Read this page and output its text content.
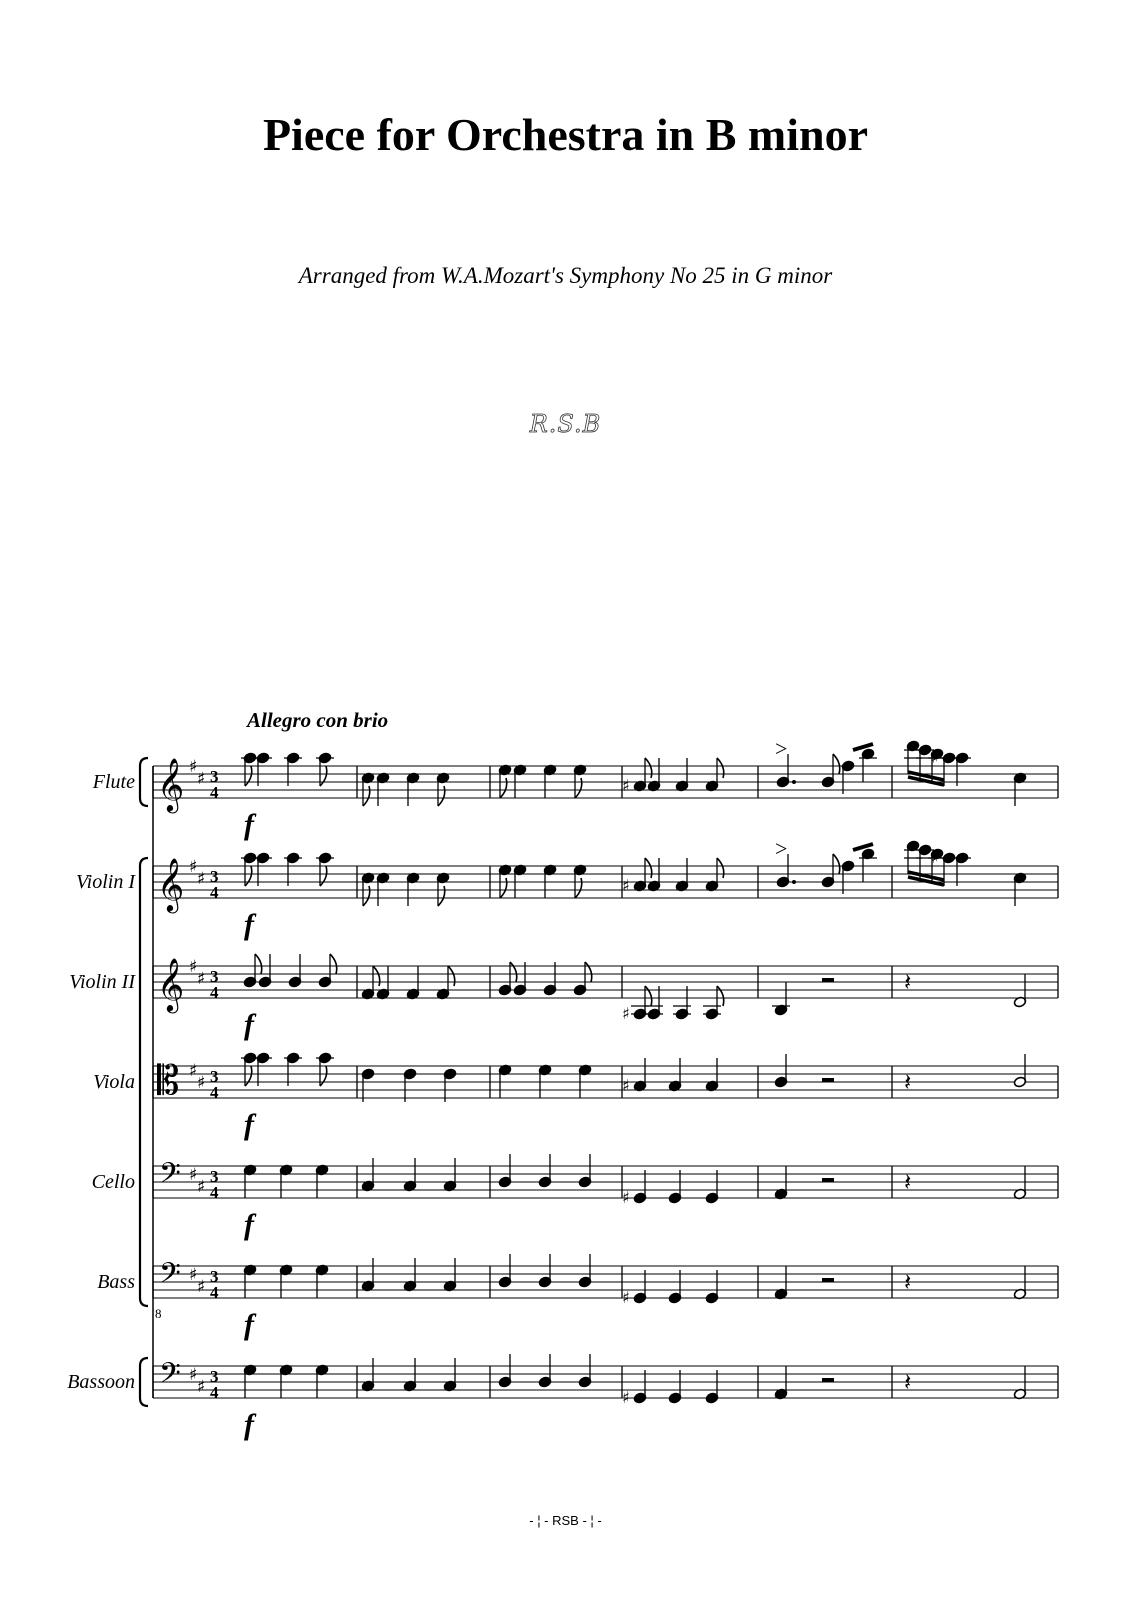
Piece for Orchestra in B minor
Arranged from W.A.Mozart's Symphony No 25 in G minor
R.S.B
Allegro con brio
Flute 𝄞 ♯
♯ 3
4
f
Violin I 𝄞 ♯
♯ 3
4
f
Violin II 𝄞 ♯
♯ 3
4
f
Viola 𝄡 ♯
♯ 3
4
f
Cello 𝄢 ♯
♯
3
4
f
Bass 𝄢 ♯
♯
3
4
f
Bassoon 𝄢 ♯
♯
3
4
f
8
♯
>	♯
♯
>	♯
♯
𝄽
♯	𝄽
♯
𝄽
♯
𝄽
♯
𝄽
- ¦ - RSB - ¦ -
